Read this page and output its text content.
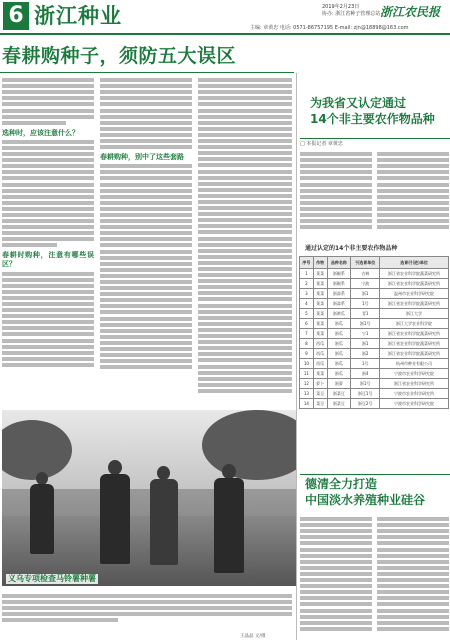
6 浙江种业	2019年2月23日
协办: 浙江省种子管理总站 浙江农民报
主编: 章黄忠 电话: 0571-86757195 E-mail: zjn@18898@163.com
春耕购种子，须防五大误区
选种时，应该注意什么？
春耕时购种，注意有哪些误区？
春耕购种，别中了这些套路
为我省又认定通过
14个非主要农作物品种
□ 本报记者 章黄忠
通过认定的14个非主要农作物品种
序号	作物	品种名称	引选育单位	选育(引进)单位
1	莱菜	浙椒系	吉林	浙江省农业科学院蔬菜研究所
2	莱菜	浙椒系	宁波	浙江省农业科学院蔬菜研究所
3	莱菜	浙蒜系	浙1	温州市农业科学研究院
4	莱菜	浙蒜系	1号	浙江省农业科学院蔬菜研究所
5	莱菜	浙黄瓜	青1	浙江大学
6	莱菜	浙瓜	浙1号	浙江大学农业科学院
7	莱菜	浙瓜	宁1	浙江省农业科学院蔬菜研究所
8	西瓜	浙瓜	浙1	浙江省农业科学院蔬菜研究所
9	西瓜	浙瓜	浙2	浙江省农业科学院蔬菜研究所
10	西瓜	浙瓜	1号	杭州市种业有限公司
11	莱菜	浙瓜	浙4	宁波市农业科学研究院
12	萝卜	浙萝	浙1号	浙江省农业科学研究所
13	菜豆	浙菜豆	浙豆1号	宁波市农业科学研究所
14	菜豆	浙菜豆	浙豆2号	宁波市农业科学研究院
德清全力打造
中国淡水养殖种业硅谷
义乌专项检查马铃薯种薯
王晶晶 文/摄
